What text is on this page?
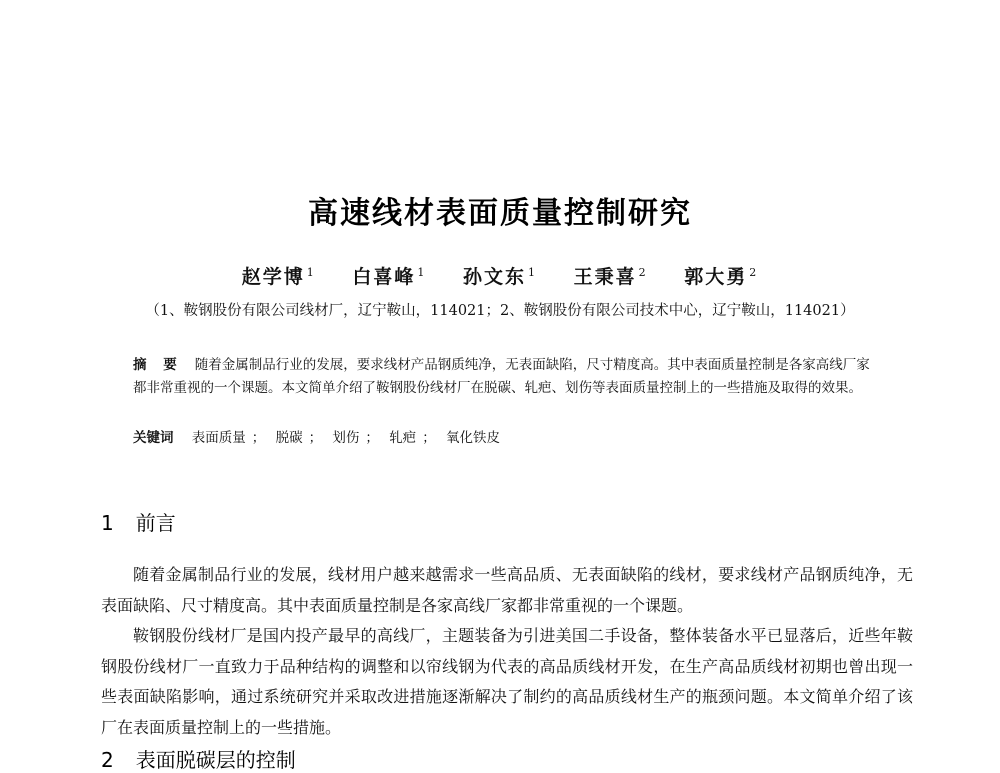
高速线材表面质量控制研究
赵学博 $^1$ 白喜峰 $^1$ 孙文东 $^1$ 王秉喜 $^2$ 郭大勇 $^2$
（1、鞍钢股份有限公司线材厂，辽宁鞍山，114021；2、鞍钢股份有限公司技术中心，辽宁鞍山，114021）
摘 要 随着金属制品行业的发展，要求线材产品钢质纯净，无表面缺陷，尺寸精度高。其中表面质量控制是各家高线厂家都非常重视的一个课题。本文简单介绍了鞍钢股份线材厂在脱碳、轧疤、划伤等表面质量控制上的一些措施及取得的效果。
关键词 表面质量 ； 脱碳 ； 划伤 ； 轧疤 ； 氧化铁皮
1 前言

随着金属制品行业的发展，线材用户越来越需求一些高品质、无表面缺陷的线材，要求线材产品钢质纯净，无表面缺陷、尺寸精度高。其中表面质量控制是各家高线厂家都非常重视的一个课题。

鞍钢股份线材厂是国内投产最早的高线厂，主题装备为引进美国二手设备，整体装备水平已显落后，近些年鞍钢股份线材厂一直致力于品种结构的调整和以帘线钢为代表的高品质线材开发，在生产高品质线材初期也曾出现一些表面缺陷影响，通过系统研究并采取改进措施逐渐解决了制约的高品质线材生产的瓶颈问题。本文简单介绍了该厂在表面质量控制上的一些措施。

2 表面脱碳层的控制
